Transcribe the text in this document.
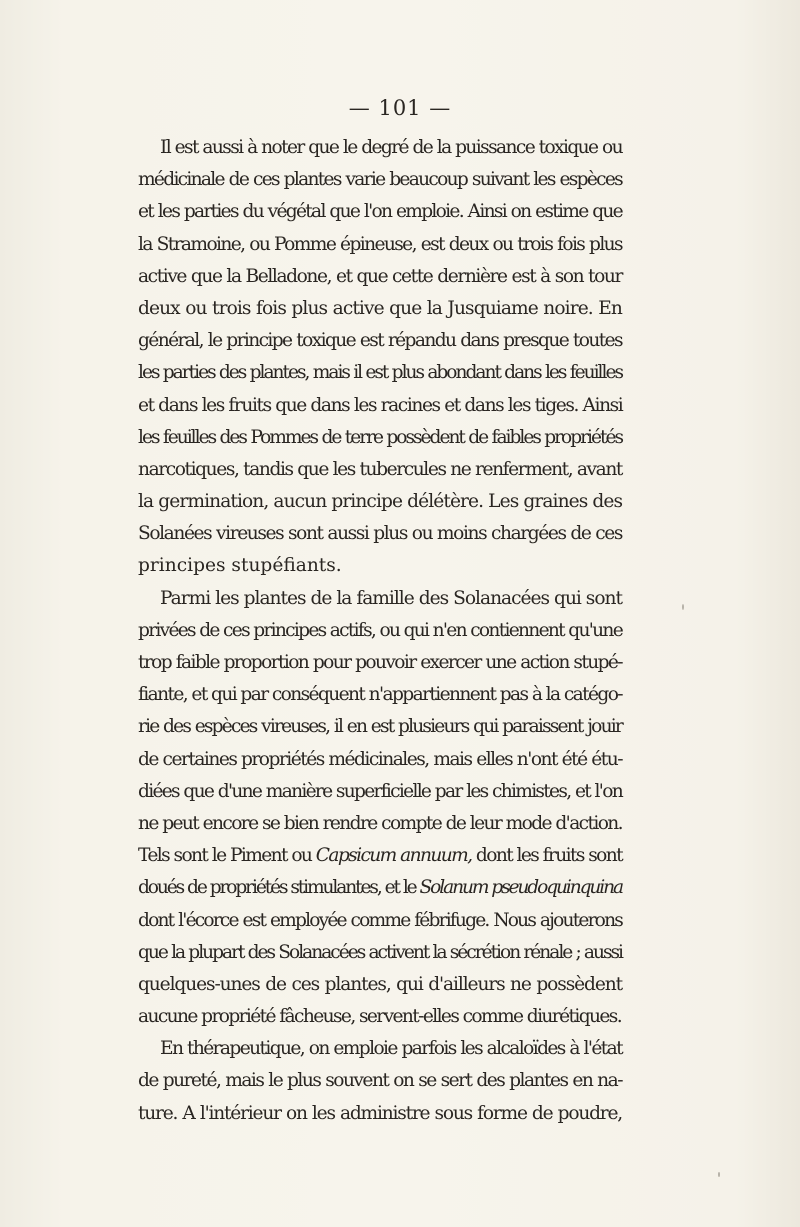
— 101 —
Il est aussi à noter que le degré de la puissance toxique ou
médicinale de ces plantes varie beaucoup suivant les espèces
et les parties du végétal que l'on emploie. Ainsi on estime que
la Stramoine, ou Pomme épineuse, est deux ou trois fois plus
active que la Belladone, et que cette dernière est à son tour
deux ou trois fois plus active que la Jusquiame noire. En
général, le principe toxique est répandu dans presque toutes
les parties des plantes, mais il est plus abondant dans les feuilles
et dans les fruits que dans les racines et dans les tiges. Ainsi
les feuilles des Pommes de terre possèdent de faibles propriétés
narcotiques, tandis que les tubercules ne renferment, avant
la germination, aucun principe délétère. Les graines des
Solanées vireuses sont aussi plus ou moins chargées de ces
principes stupéfiants.
Parmi les plantes de la famille des Solanacées qui sont
privées de ces principes actifs, ou qui n'en contiennent qu'une
trop faible proportion pour pouvoir exercer une action stupé-
fiante, et qui par conséquent n'appartiennent pas à la catégo-
rie des espèces vireuses, il en est plusieurs qui paraissent jouir
de certaines propriétés médicinales, mais elles n'ont été étu-
diées que d'une manière superficielle par les chimistes, et l'on
ne peut encore se bien rendre compte de leur mode d'action.
Tels sont le Piment ou Capsicum annuum, dont les fruits sont
doués de propriétés stimulantes, et le Solanum pseudoquinquina
dont l'écorce est employée comme fébrifuge. Nous ajouterons
que la plupart des Solanacées activent la sécrétion rénale ; aussi
quelques-unes de ces plantes, qui d'ailleurs ne possèdent
aucune propriété fâcheuse, servent-elles comme diurétiques.
En thérapeutique, on emploie parfois les alcaloïdes à l'état
de pureté, mais le plus souvent on se sert des plantes en na-
ture. A l'intérieur on les administre sous forme de poudre,
